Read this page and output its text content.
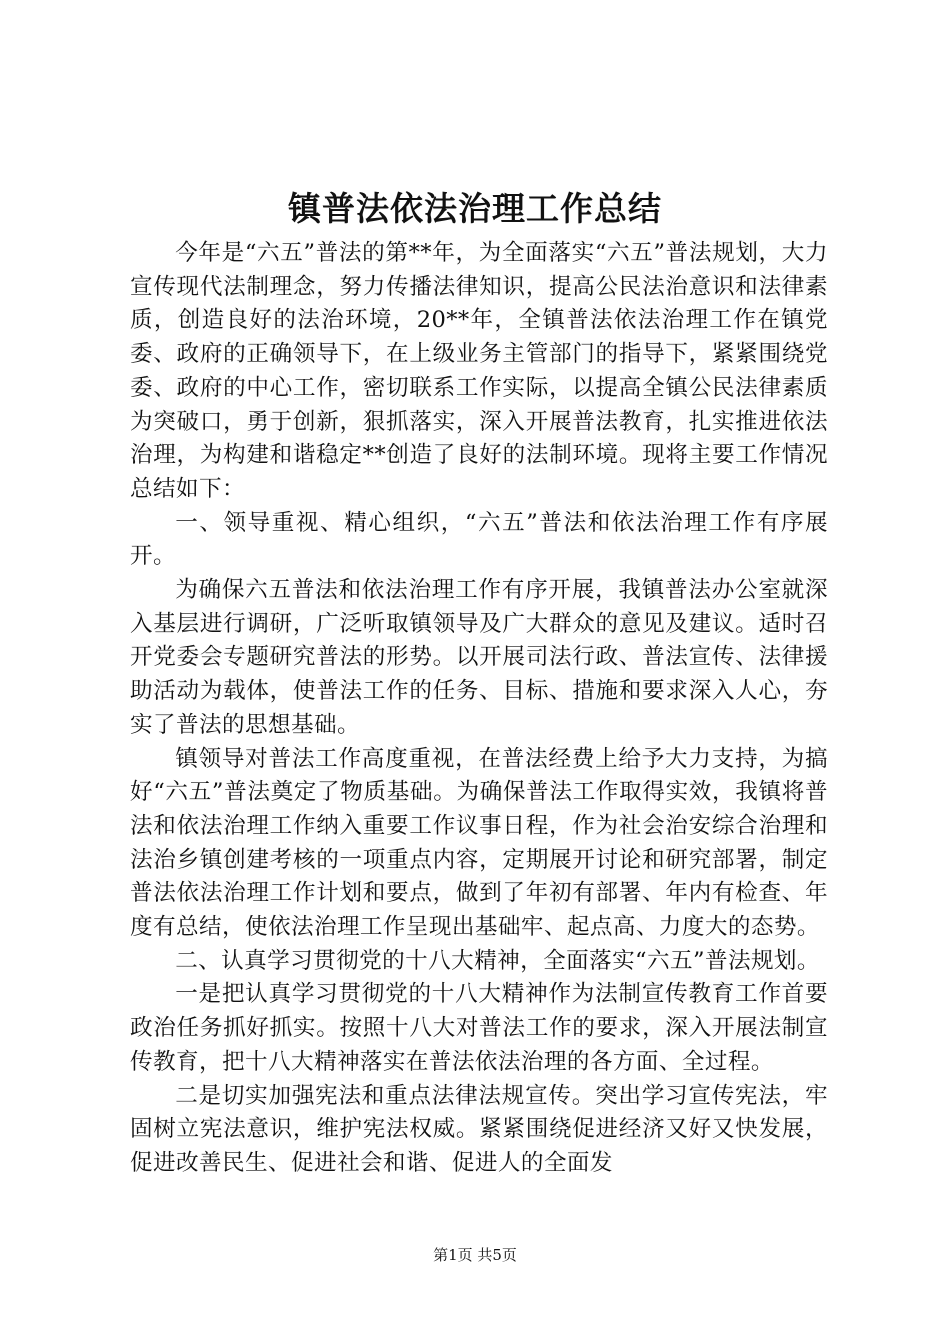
镇普法依法治理工作总结

今年是“六五”普法的第**年，为全面落实“六五”普法规划，大力宣传现代法制理念，努力传播法律知识，提高公民法治意识和法律素质，创造良好的法治环境，20**年，全镇普法依法治理工作在镇党委、政府的正确领导下，在上级业务主管部门的指导下，紧紧围绕党委、政府的中心工作，密切联系工作实际，以提高全镇公民法律素质为突破口，勇于创新，狠抓落实，深入开展普法教育，扎实推进依法治理，为构建和谐稳定**创造了良好的法制环境。现将主要工作情况总结如下：

一、领导重视、精心组织，“六五”普法和依法治理工作有序展开。

为确保六五普法和依法治理工作有序开展，我镇普法办公室就深入基层进行调研，广泛听取镇领导及广大群众的意见及建议。适时召开党委会专题研究普法的形势。以开展司法行政、普法宣传、法律援助活动为载体，使普法工作的任务、目标、措施和要求深入人心，夯实了普法的思想基础。

镇领导对普法工作高度重视，在普法经费上给予大力支持，为搞好“六五”普法奠定了物质基础。为确保普法工作取得实效，我镇将普法和依法治理工作纳入重要工作议事日程，作为社会治安综合治理和法治乡镇创建考核的一项重点内容，定期展开讨论和研究部署，制定普法依法治理工作计划和要点，做到了年初有部署、年内有检查、年度有总结，使依法治理工作呈现出基础牢、起点高、力度大的态势。

二、认真学习贯彻党的十八大精神，全面落实“六五”普法规划。

一是把认真学习贯彻党的十八大精神作为法制宣传教育工作首要政治任务抓好抓实。按照十八大对普法工作的要求，深入开展法制宣传教育，把十八大精神落实在普法依法治理的各方面、全过程。

二是切实加强宪法和重点法律法规宣传。突出学习宣传宪法，牢固树立宪法意识，维护宪法权威。紧紧围绕促进经济又好又快发展，促进改善民生、促进社会和谐、促进人的全面发

第1页 共5页
